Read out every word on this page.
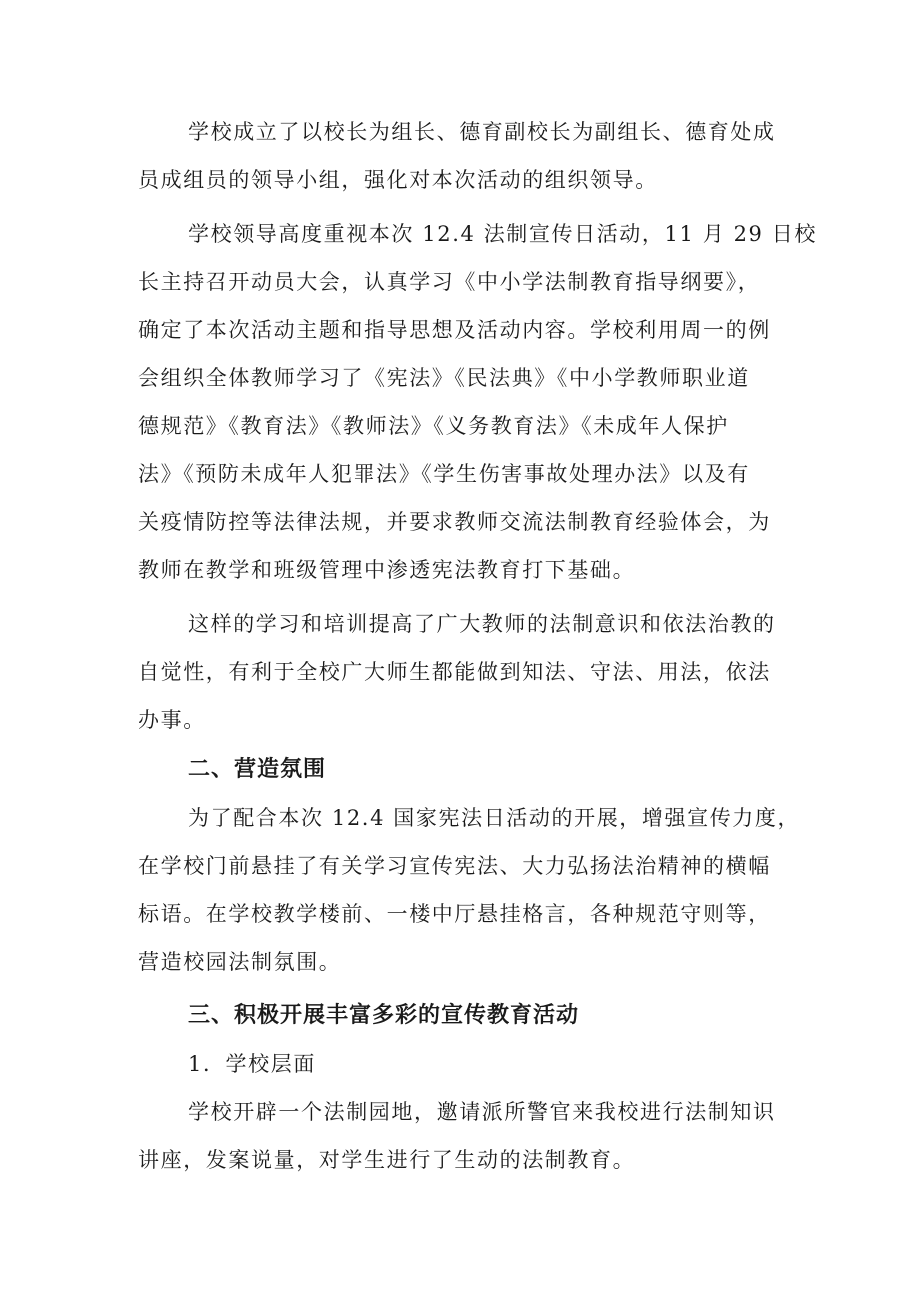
学校成立了以校长为组长、德育副校长为副组长、德育处成
员成组员的领导小组，强化对本次活动的组织领导。
学校领导高度重视本次 12.4 法制宣传日活动，11 月 29 日校
长主持召开动员大会，认真学习《中小学法制教育指导纲要》，
确定了本次活动主题和指导思想及活动内容。学校利用周一的例
会组织全体教师学习了《宪法》《民法典》《中小学教师职业道
德规范》《教育法》《教师法》《义务教育法》《未成年人保护
法》《预防未成年人犯罪法》《学生伤害事故处理办法》以及有
关疫情防控等法律法规，并要求教师交流法制教育经验体会，为
教师在教学和班级管理中渗透宪法教育打下基础。
这样的学习和培训提高了广大教师的法制意识和依法治教的
自觉性，有利于全校广大师生都能做到知法、守法、用法，依法
办事。
二、营造氛围
为了配合本次 12.4 国家宪法日活动的开展，增强宣传力度，
在学校门前悬挂了有关学习宣传宪法、大力弘扬法治精神的横幅
标语。在学校教学楼前、一楼中厅悬挂格言，各种规范守则等，
营造校园法制氛围。
三、积极开展丰富多彩的宣传教育活动
1．学校层面
学校开辟一个法制园地，邀请派所警官来我校进行法制知识
讲座，发案说量，对学生进行了生动的法制教育。
